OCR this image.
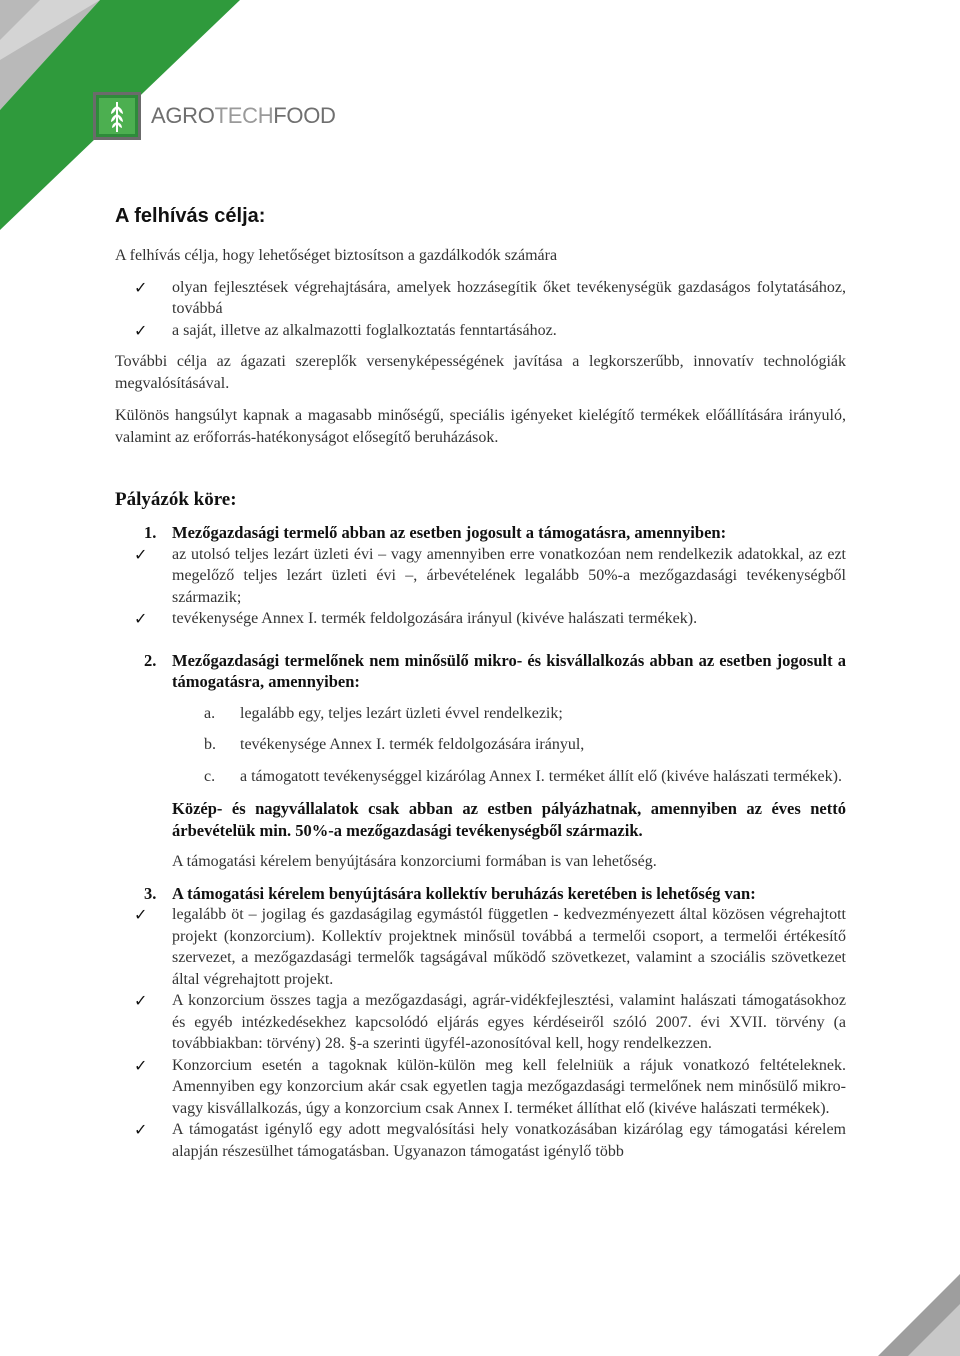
AGROTECHFOOD
A felhívás célja:

A felhívás célja, hogy lehetőséget biztosítson a gazdálkodók számára

✓ olyan fejlesztések végrehajtására, amelyek hozzásegítik őket tevékenységük gazdaságos folytatásához, továbbá
✓ a saját, illetve az alkalmazotti foglalkoztatás fenntartásához.

További célja az ágazati szereplők versenyképességének javítása a legkorszerűbb, innovatív technológiák megvalósításával.

Különös hangsúlyt kapnak a magasabb minőségű, speciális igényeket kielégítő termékek előállítására irányuló, valamint az erőforrás-hatékonyságot elősegítő beruházások.

Pályázók köre:
1. Mezőgazdasági termelő abban az esetben jogosult a támogatásra, amennyiben:
✓ az utolsó teljes lezárt üzleti évi – vagy amennyiben erre vonatkozóan nem rendelkezik adatokkal, az ezt megelőző teljes lezárt üzleti évi –, árbevételének legalább 50%-a mezőgazdasági tevékenységből származik;
✓ tevékenysége Annex I. termék feldolgozására irányul (kivéve halászati termékek).
2. Mezőgazdasági termelőnek nem minősülő mikro- és kisvállalkozás abban az esetben jogosult a támogatásra, amennyiben:
a. legalább egy, teljes lezárt üzleti évvel rendelkezik;
b. tevékenysége Annex I. termék feldolgozására irányul,
c. a támogatott tevékenységgel kizárólag Annex I. terméket állít elő (kivéve halászati termékek).

Közép- és nagyvállalatok csak abban az estben pályázhatnak, amennyiben az éves nettó árbevételük min. 50%-a mezőgazdasági tevékenységből származik.

A támogatási kérelem benyújtására konzorciumi formában is van lehetőség.

3. A támogatási kérelem benyújtására kollektív beruházás keretében is lehetőség van:
✓ legalább öt – jogilag és gazdaságilag egymástól független - kedvezményezett által közösen végrehajtott projekt (konzorcium). Kollektív projektnek minősül továbbá a termelői csoport, a termelői értékesítő szervezet, a mezőgazdasági termelők tagságával működő szövetkezet, valamint a szociális szövetkezet által végrehajtott projekt.
✓ A konzorcium összes tagja a mezőgazdasági, agrár-vidékfejlesztési, valamint halászati támogatásokhoz és egyéb intézkedésekhez kapcsolódó eljárás egyes kérdéseiről szóló 2007. évi XVII. törvény (a továbbiakban: törvény) 28. §-a szerinti ügyfél-azonosítóval kell, hogy rendelkezzen.
✓ Konzorcium esetén a tagoknak külön-külön meg kell felelniük a rájuk vonatkozó feltételeknek. Amennyiben egy konzorcium akár csak egyetlen tagja mezőgazdasági termelőnek nem minősülő mikro-vagy kisvállalkozás, úgy a konzorcium csak Annex I. terméket állíthat elő (kivéve halászati termékek).
✓ A támogatást igénylő egy adott megvalósítási hely vonatkozásában kizárólag egy támogatási kérelem alapján részesülhet támogatásban. Ugyanazon támogatást igénylő több
